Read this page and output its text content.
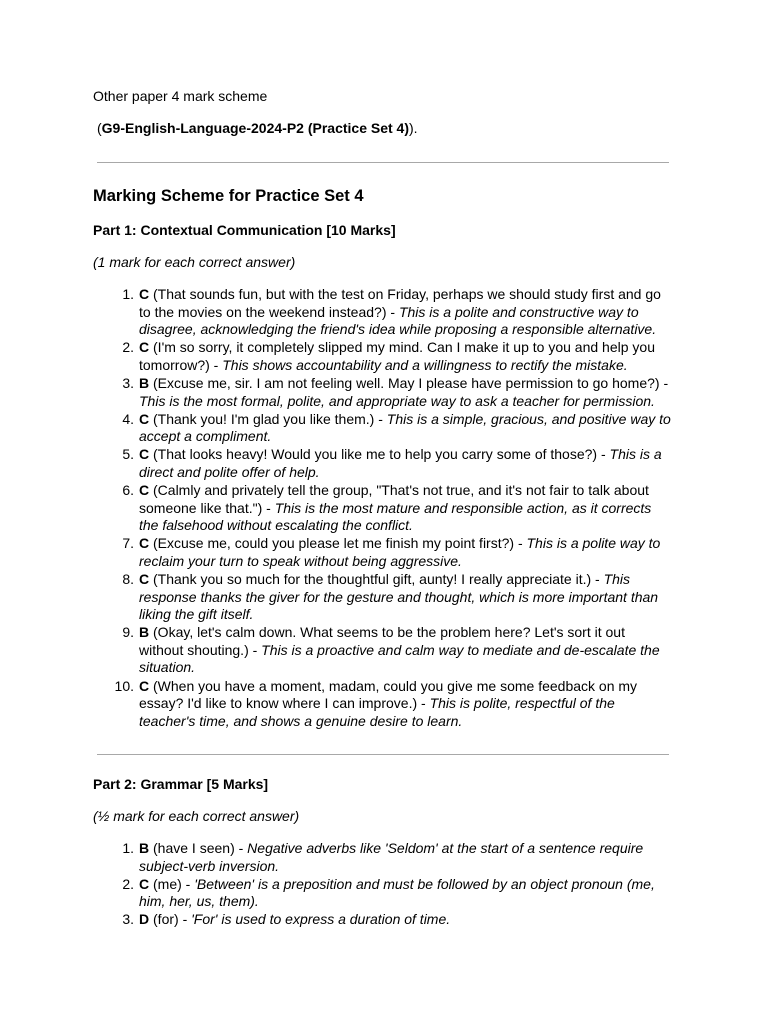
Other paper 4 mark scheme

(G9-English-Language-2024-P2 (Practice Set 4)).

Marking Scheme for Practice Set 4
Part 1: Contextual Communication [10 Marks]

(1 mark for each correct answer)

1. C (That sounds fun, but with the test on Friday, perhaps we should study first and go to the movies on the weekend instead?) - This is a polite and constructive way to disagree, acknowledging the friend's idea while proposing a responsible alternative.
2. C (I'm so sorry, it completely slipped my mind. Can I make it up to you and help you tomorrow?) - This shows accountability and a willingness to rectify the mistake.
3. B (Excuse me, sir. I am not feeling well. May I please have permission to go home?) - This is the most formal, polite, and appropriate way to ask a teacher for permission.
4. C (Thank you! I'm glad you like them.) - This is a simple, gracious, and positive way to accept a compliment.
5. C (That looks heavy! Would you like me to help you carry some of those?) - This is a direct and polite offer of help.
6. C (Calmly and privately tell the group, "That's not true, and it's not fair to talk about someone like that.") - This is the most mature and responsible action, as it corrects the falsehood without escalating the conflict.
7. C (Excuse me, could you please let me finish my point first?) - This is a polite way to reclaim your turn to speak without being aggressive.
8. C (Thank you so much for the thoughtful gift, aunty! I really appreciate it.) - This response thanks the giver for the gesture and thought, which is more important than liking the gift itself.
9. B (Okay, let's calm down. What seems to be the problem here? Let's sort it out without shouting.) - This is a proactive and calm way to mediate and de-escalate the situation.
10. C (When you have a moment, madam, could you give me some feedback on my essay? I'd like to know where I can improve.) - This is polite, respectful of the teacher's time, and shows a genuine desire to learn.
Part 2: Grammar [5 Marks]

(½ mark for each correct answer)

1. B (have I seen) - Negative adverbs like 'Seldom' at the start of a sentence require subject-verb inversion.
2. C (me) - 'Between' is a preposition and must be followed by an object pronoun (me, him, her, us, them).
3. D (for) - 'For' is used to express a duration of time.
